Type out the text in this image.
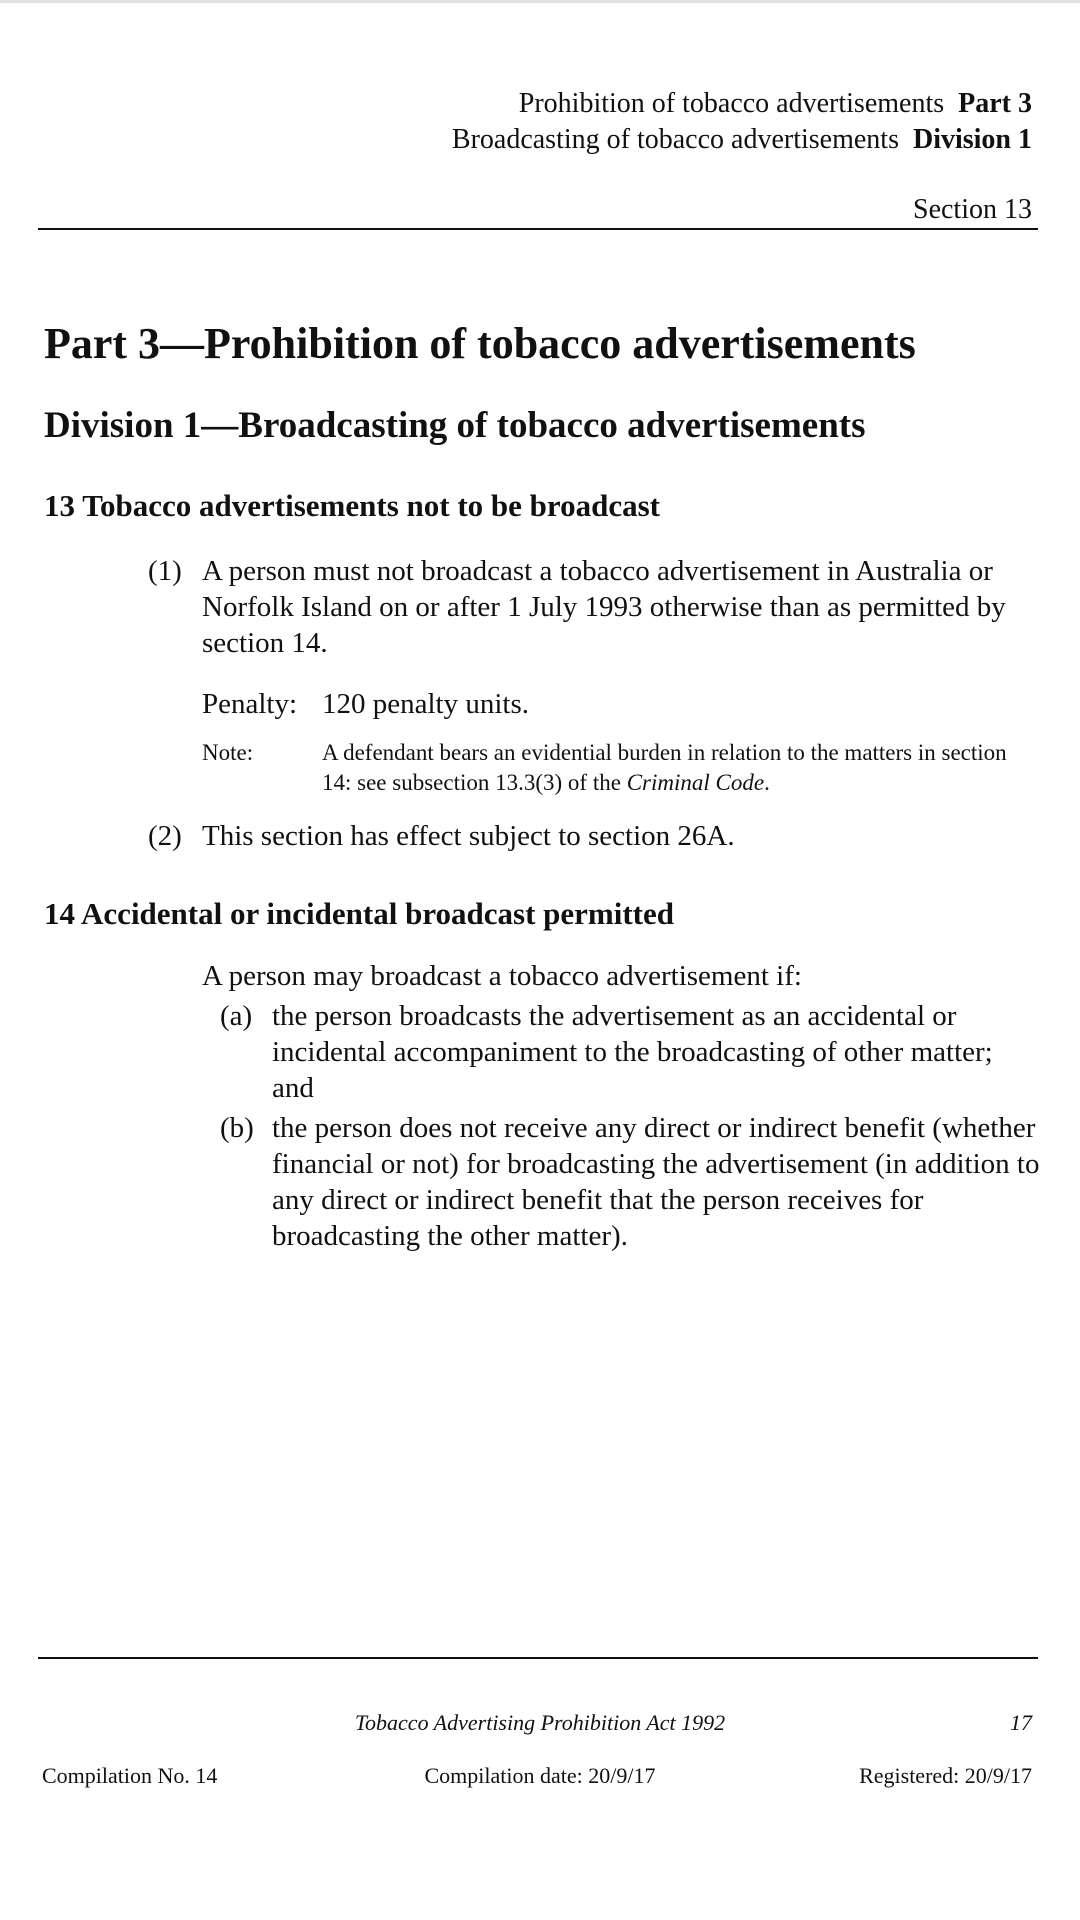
Prohibition of tobacco advertisements Part 3
Broadcasting of tobacco advertisements Division 1
Section 13
Part 3—Prohibition of tobacco advertisements
Division 1—Broadcasting of tobacco advertisements
13 Tobacco advertisements not to be broadcast
(1) A person must not broadcast a tobacco advertisement in Australia or Norfolk Island on or after 1 July 1993 otherwise than as permitted by section 14.
Penalty: 120 penalty units.
Note:	A defendant bears an evidential burden in relation to the matters in section 14: see subsection 13.3(3) of the Criminal Code.
(2) This section has effect subject to section 26A.
14 Accidental or incidental broadcast permitted
A person may broadcast a tobacco advertisement if:
(a) the person broadcasts the advertisement as an accidental or incidental accompaniment to the broadcasting of other matter; and
(b) the person does not receive any direct or indirect benefit (whether financial or not) for broadcasting the advertisement (in addition to any direct or indirect benefit that the person receives for broadcasting the other matter).
Tobacco Advertising Prohibition Act 1992	17
Compilation No. 14	Compilation date: 20/9/17	Registered: 20/9/17
